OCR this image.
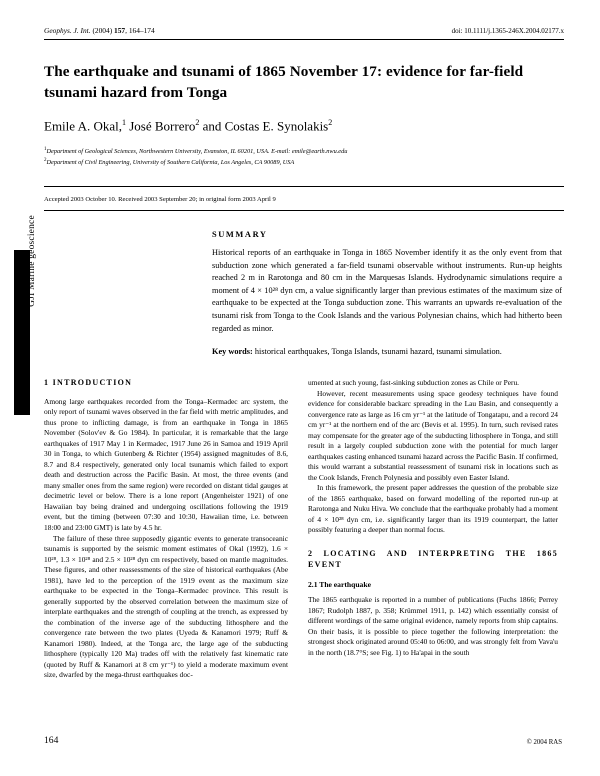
Geophys. J. Int. (2004) 157, 164–174	doi: 10.1111/j.1365-246X.2004.02177.x
The earthquake and tsunami of 1865 November 17: evidence for far-field tsunami hazard from Tonga
Emile A. Okal,$^1$ José Borrero$^2$ and Costas E. Synolakis$^2$
$^1$Department of Geological Sciences, Northwestern University, Evanston, IL 60201, USA. E-mail: emile@earth.nwu.edu
$^2$Department of Civil Engineering, University of Southern California, Los Angeles, CA 90089, USA
Accepted 2003 October 10. Received 2003 September 20; in original form 2003 April 9
GJI Marine geoscience	SUMMARY

Historical reports of an earthquake in Tonga in 1865 November identify it as the only event from that subduction zone which generated a far-field tsunami observable without instruments. Run-up heights reached 2 m in Rarotonga and 80 cm in the Marquesas Islands. Hydrodynamic simulations require a moment of 4 × 10²⁸ dyn cm, a value significantly larger than previous estimates of the maximum size of earthquake to be expected at the Tonga subduction zone. This warrants an upwards re-evaluation of the tsunami risk from Tonga to the Cook Islands and the various Polynesian chains, which had hitherto been regarded as minor.

Key words: historical earthquakes, Tonga Islands, tsunami hazard, tsunami simulation.
1 INTRODUCTION

Among large earthquakes recorded from the Tonga–Kermadec arc system, the only report of tsunami waves observed in the far field with metric amplitudes, and thus prone to inflicting damage, is from an earthquake in Tonga in 1865 November (Solov'ev & Go 1984). In particular, it is remarkable that the large earthquakes of 1917 May 1 in Kermadec, 1917 June 26 in Samoa and 1919 April 30 in Tonga, to which Gutenberg & Richter (1954) assigned magnitudes of 8.6, 8.7 and 8.4 respectively, generated only local tsunamis which failed to export death and destruction across the Pacific Basin. At most, the three events (and many smaller ones from the same region) were recorded on distant tidal gauges at decimetric level or below. There is a lone report (Angenheister 1921) of one Hawaiian bay being drained and undergoing oscillations following the 1919 event, but the timing (between 07:30 and 10:30, Hawaiian time, i.e. between 18:00 and 23:00 GMT) is late by 4.5 hr.

The failure of these three supposedly gigantic events to generate transoceanic tsunamis is supported by the seismic moment estimates of Okal (1992), 1.6 × 10²⁸, 1.3 × 10²⁸ and 2.5 × 10²⁸ dyn cm respectively, based on mantle magnitudes. These figures, and other reassessments of the size of historical earthquakes (Abe 1981), have led to the perception of the 1919 event as the maximum size earthquake to be expected in the Tonga–Kermadec province. This result is generally supported by the observed correlation between the maximum size of interplate earthquakes and the strength of coupling at the trench, as expressed by the combination of the inverse age of the subducting lithosphere and the convergence rate between the two plates (Uyeda & Kanamori 1979; Ruff & Kanamori 1980). Indeed, at the Tonga arc, the large age of the subducting lithosphere (typically 120 Ma) trades off with the relatively fast kinematic rate (quoted by Ruff & Kanamori at 8 cm yr⁻¹) to yield a moderate maximum event size, dwarfed by the mega-thrust earthquakes doc-

umented at such young, fast-sinking subduction zones as Chile or Peru.

However, recent measurements using space geodesy techniques have found evidence for considerable backarc spreading in the Lau Basin, and consequently a convergence rate as large as 16 cm yr⁻¹ at the latitude of Tongatapu, and a record 24 cm yr⁻¹ at the northern end of the arc (Bevis et al. 1995). In turn, such revised rates may compensate for the greater age of the subducting lithosphere in Tonga, and still result in a largely coupled subduction zone with the potential for much larger earthquakes casting enhanced tsunami hazard across the Pacific Basin. If confirmed, this would warrant a substantial reassessment of tsunami risk in locations such as the Cook Islands, French Polynesia and possibly even Easter Island.

In this framework, the present paper addresses the question of the probable size of the 1865 earthquake, based on forward modelling of the reported run-up at Rarotonga and Nuku Hiva. We conclude that the earthquake probably had a moment of 4 × 10²⁸ dyn cm, i.e. significantly larger than its 1919 counterpart, the latter possibly featuring a deeper than normal focus.

2 LOCATING AND INTERPRETING THE 1865 EVENT
2.1 The earthquake

The 1865 earthquake is reported in a number of publications (Fuchs 1866; Perrey 1867; Rudolph 1887, p. 358; Krümmel 1911, p. 142) which essentially consist of different wordings of the same original evidence, namely reports from ship captains. On their basis, it is possible to piece together the following interpretation: the strongest shock originated around 05:40 to 06:00, and was strongly felt from Vava'u in the north (18.7°S; see Fig. 1) to Ha'apai in the south

164	© 2004 RAS
